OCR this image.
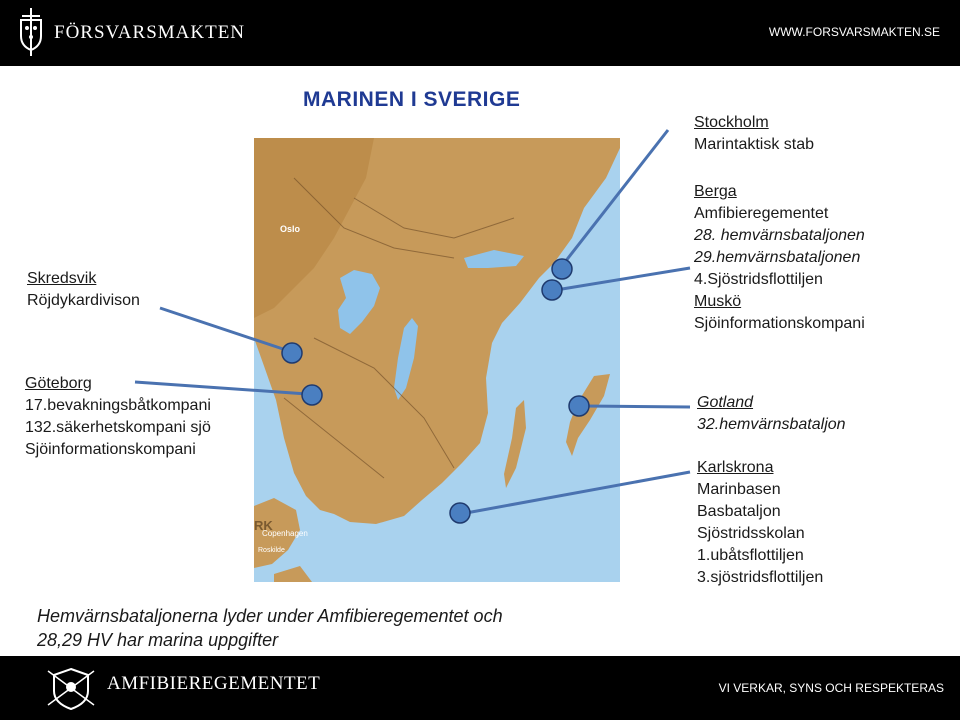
FÖRSVARSMAKTEN	WWW.FORSVARSMAKTEN.SE
MARINEN I SVERIGE
Oslo
RK
Copenhagen
Roskilde
Stockholm
Marintaktisk stab
Berga
Amfibieregementet
28. hemvärnsbataljonen
29.hemvärnsbataljonen
4.Sjöstridsflottiljen
Muskö
Sjöinformationskompani
Gotland
32.hemvärnsbataljon
Karlskrona
Marinbasen
Basbataljon
Sjöstridsskolan
1.ubåtsflottiljen
3.sjöstridsflottiljen
Skredsvik
Röjdykardivison
Göteborg
17.bevakningsbåtkompani
132.säkerhetskompani sjö
Sjöinformationskompani
Hemvärnsbataljonerna lyder under Amfibieregementet och
28,29 HV har marina uppgifter
AMFIBIEREGEMENTET	VI VERKAR, SYNS OCH RESPEKTERAS
